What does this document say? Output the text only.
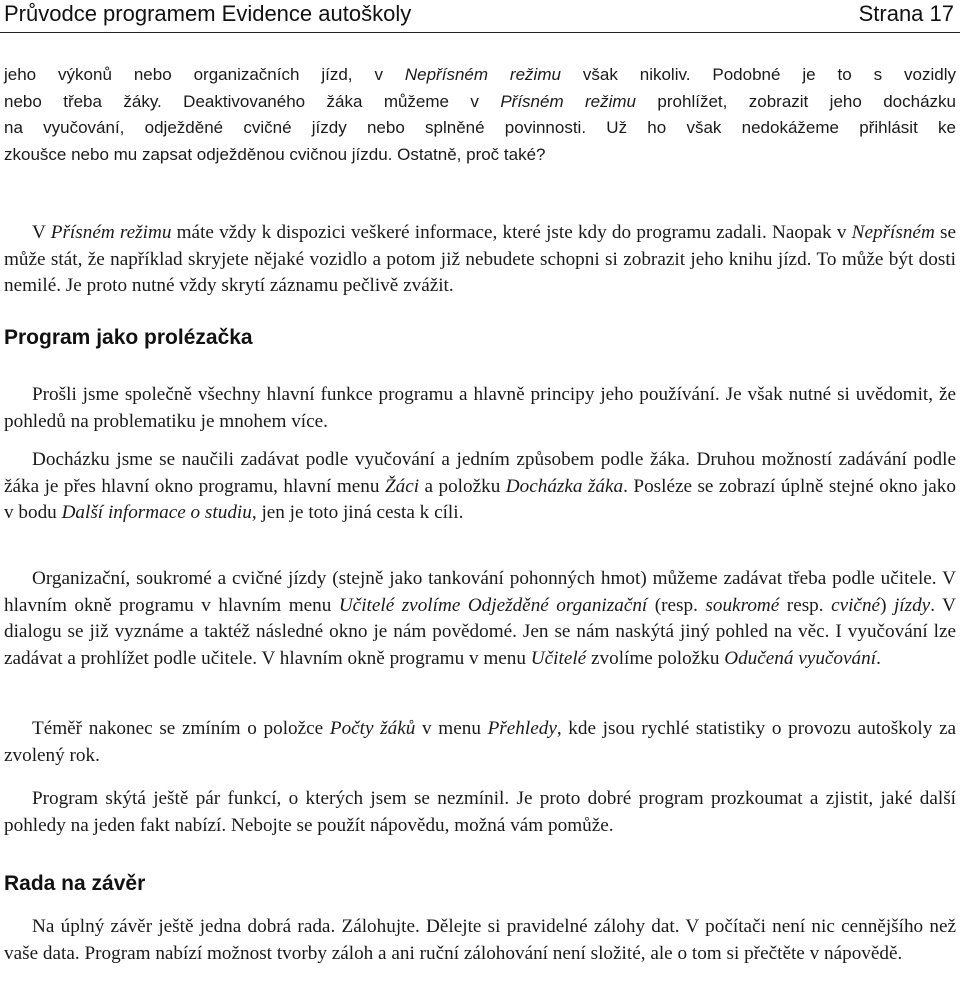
Průvodce programem Evidence autoškoly	Strana 17
jeho výkonů nebo organizačních jízd, v Nepřísném režimu však nikoliv. Podobné je to s vozidly
nebo třeba žáky. Deaktivovaného žáka můžeme v Přísném režimu prohlížet, zobrazit jeho docházku
na vyučování, odježděné cvičné jízdy nebo splněné povinnosti. Už ho však nedokážeme přihlásit ke
zkoušce nebo mu zapsat odježděnou cvičnou jízdu. Ostatně, proč také?
V Přísném režimu máte vždy k dispozici veškeré informace, které jste kdy do programu zadali. Naopak v Nepřísném se může stát, že například skryjete nějaké vozidlo a potom již nebudete schopni si zobrazit jeho knihu jízd. To může být dosti nemilé. Je proto nutné vždy skrytí záznamu pečlivě zvážit.
Program jako prolézačka
Prošli jsme společně všechny hlavní funkce programu a hlavně principy jeho používání. Je však nutné si uvědomit, že pohledů na problematiku je mnohem více.
Docházku jsme se naučili zadávat podle vyučování a jedním způsobem podle žáka. Druhou možností zadávání podle žáka je přes hlavní okno programu, hlavní menu Žáci a položku Docházka žáka. Posléze se zobrazí úplně stejné okno jako v bodu Další informace o studiu, jen je toto jiná cesta k cíli.
Organizační, soukromé a cvičné jízdy (stejně jako tankování pohonných hmot) můžeme zadávat třeba podle učitele. V hlavním okně programu v hlavním menu Učitelé zvolíme Odježděné organizační (resp. soukromé resp. cvičné) jízdy. V dialogu se již vyznáme a taktéž následné okno je nám povědomé. Jen se nám naskýtá jiný pohled na věc. I vyučování lze zadávat a prohlížet podle učitele. V hlavním okně programu v menu Učitelé zvolíme položku Odučená vyučování.
Téměř nakonec se zmíním o položce Počty žáků v menu Přehledy, kde jsou rychlé statistiky o provozu autoškoly za zvolený rok.
Program skýtá ještě pár funkcí, o kterých jsem se nezmínil. Je proto dobré program prozkoumat a zjistit, jaké další pohledy na jeden fakt nabízí. Nebojte se použít nápovědu, možná vám pomůže.
Rada na závěr
Na úplný závěr ještě jedna dobrá rada. Zálohujte. Dělejte si pravidelné zálohy dat. V počítači není nic cennějšího než vaše data. Program nabízí možnost tvorby záloh a ani ruční zálohování není složité, ale o tom si přečtěte v nápovědě.
